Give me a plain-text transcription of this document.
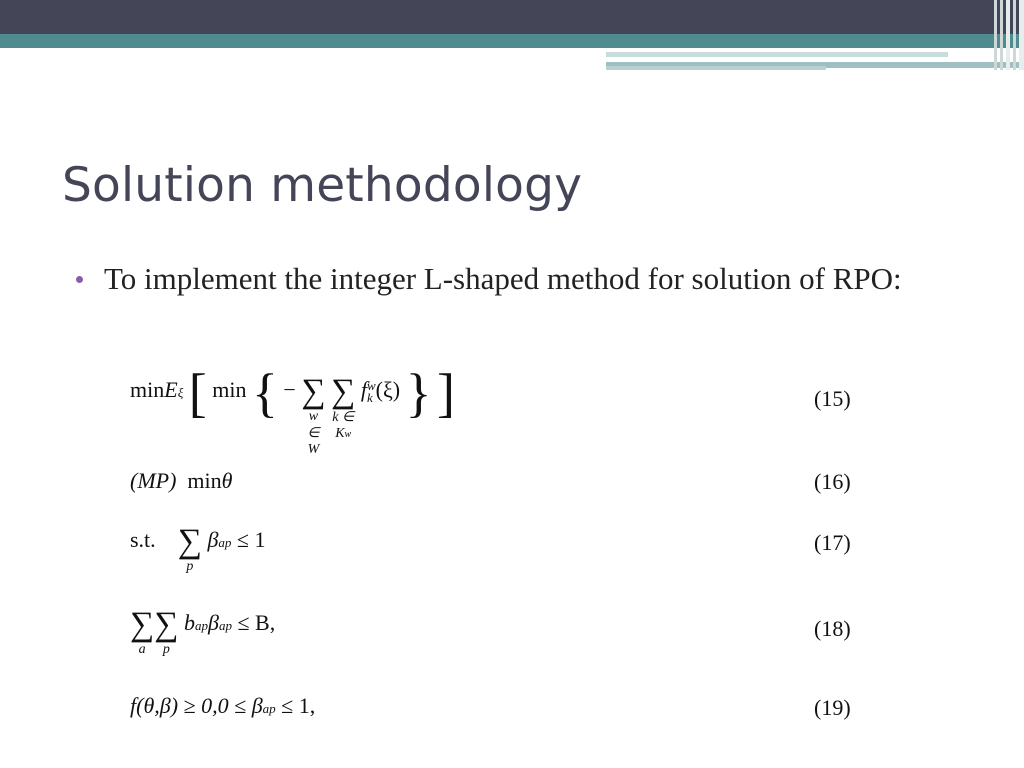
Solution methodology
To implement the integer L-shaped method for solution of RPO:
minEξ [ min { − ∑
w ∈ W
∑
k ∈ Kw
fw
k (ξ) } ]	(15)
(MP) minθ	(16)
s.t. ∑
p
βap ≤ 1	(17)
∑
a
∑
p
bapβap ≤ B,	(18)
f(θ,β) ≥ 0,0 ≤ βap ≤ 1,	(19)
